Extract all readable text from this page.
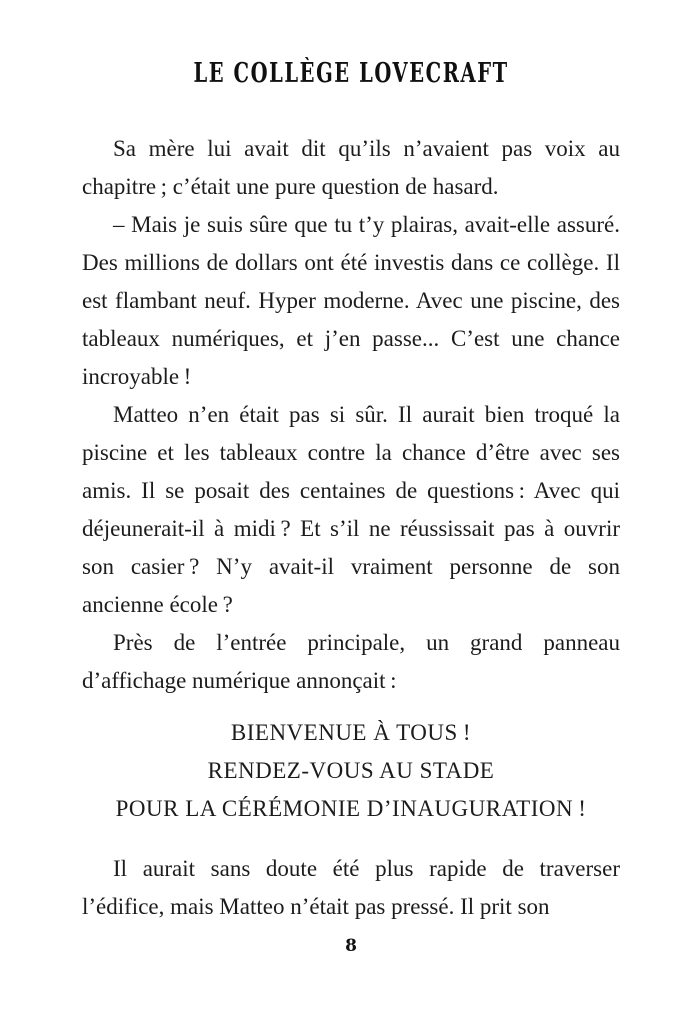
LE COLLÈGE LOVECRAFT

Sa mère lui avait dit qu’ils n’avaient pas voix au chapitre ; c’était une pure question de hasard.

– Mais je suis sûre que tu t’y plairas, avait-elle assuré. Des millions de dollars ont été investis dans ce collège. Il est flambant neuf. Hyper moderne. Avec une piscine, des tableaux numériques, et j’en passe... C’est une chance incroyable !

Matteo n’en était pas si sûr. Il aurait bien troqué la piscine et les tableaux contre la chance d’être avec ses amis. Il se posait des centaines de questions : Avec qui déjeunerait-il à midi ? Et s’il ne réussissait pas à ouvrir son casier ? N’y avait-il vraiment personne de son ancienne école ?

Près de l’entrée principale, un grand panneau d’affichage numérique annonçait :

BIENVENUE À TOUS !
RENDEZ-VOUS AU STADE
POUR LA CÉRÉMONIE D’INAUGURATION !

Il aurait sans doute été plus rapide de traverser l’édifice, mais Matteo n’était pas pressé. Il prit son

8
